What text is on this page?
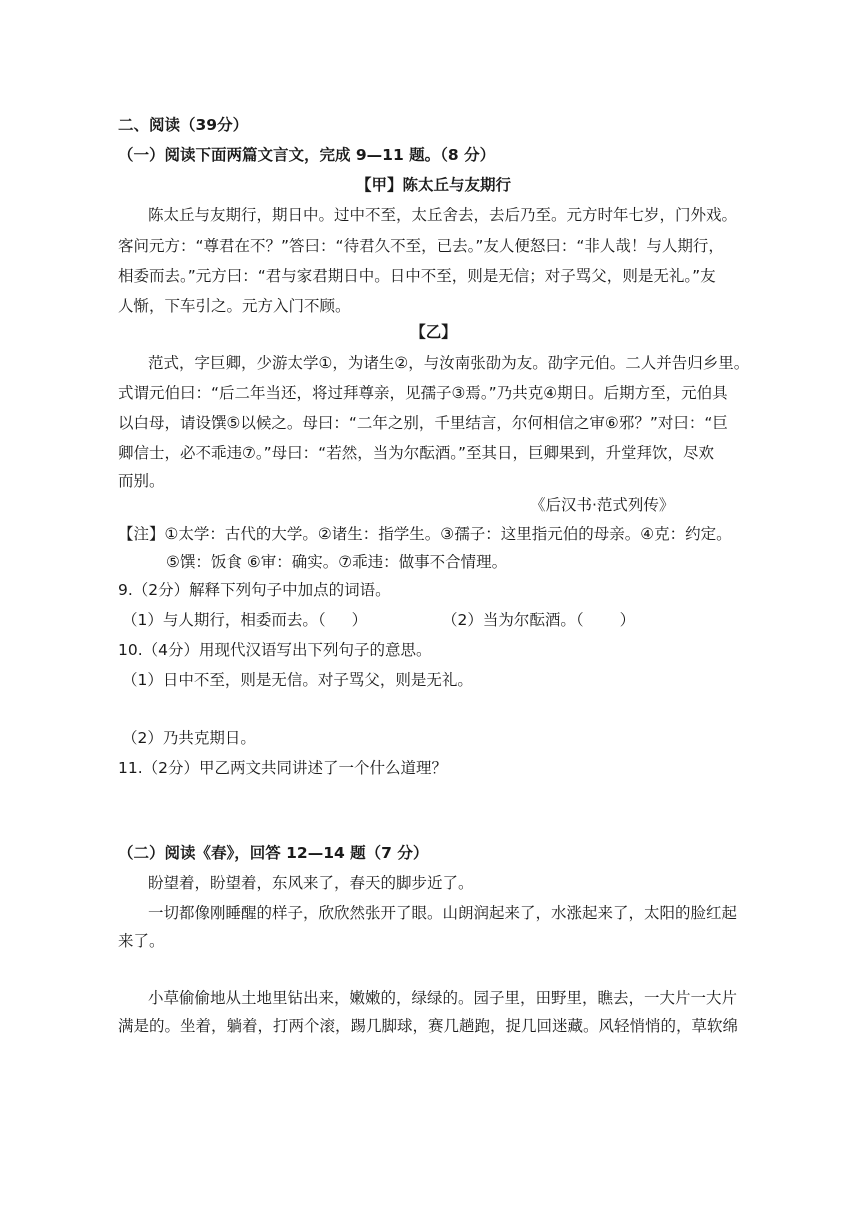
二、阅读（39分）
（一）阅读下面两篇文言文，完成 9—11 题。（8 分）
【甲】陈太丘与友期行
陈太丘与友期行，期日中。过中不至，太丘舍去，去后乃至。元方时年七岁，门外戏。
客问元方：“尊君在不？”答曰：“待君久不至，已去。”友人便怒曰：“非人哉！与人期行，
相委而去。”元方曰：“君与家君期日中。日中不至，则是无信；对子骂父，则是无礼。”友
人惭，下车引之。元方入门不顾。
【乙】
范式，字巨卿，少游太学①，为诸生②，与汝南张劭为友。劭字元伯。二人并告归乡里。
式谓元伯曰：“后二年当还，将过拜尊亲，见孺子③焉。”乃共克④期日。后期方至，元伯具
以白母，请设馔⑤以候之。母曰：“二年之别，千里结言，尔何相信之审⑥邪？”对曰：“巨
卿信士，必不乖违⑦。”母曰：“若然，当为尔酝酒。”至其日，巨卿果到，升堂拜饮，尽欢
而别。
《后汉书·范式列传》
【注】①太学：古代的大学。②诸生：指学生。③孺子：这里指元伯的母亲。④克：约定。
⑤馔：饭食 ⑥审：确实。⑦乖违：做事不合情理。
9.（2分）解释下列句子中加点的词语。
（1）与人期行，相委而去。（ ）	（2）当为尔酝酒。（ ）
10.（4分）用现代汉语写出下列句子的意思。
（1）日中不至，则是无信。对子骂父，则是无礼。
（2）乃共克期日。
11.（2分）甲乙两文共同讲述了一个什么道理？
（二）阅读《春》，回答 12—14 题（7 分）
盼望着，盼望着，东风来了，春天的脚步近了。
一切都像刚睡醒的样子，欣欣然张开了眼。山朗润起来了，水涨起来了，太阳的脸红起
来了。
小草偷偷地从土地里钻出来，嫩嫩的，绿绿的。园子里，田野里，瞧去，一大片一大片
满是的。坐着，躺着，打两个滚，踢几脚球，赛几趟跑，捉几回迷藏。风轻悄悄的，草软绵
